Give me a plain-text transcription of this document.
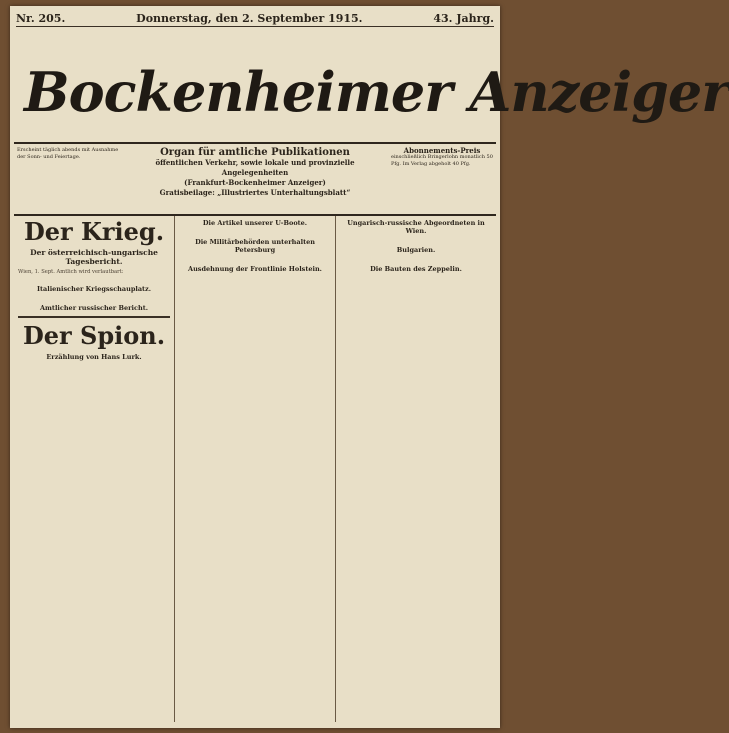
Nr. 205.	Donnerstag, den 2. September 1915.	43. Jahrg.
Bockenheimer Anzeiger
Erscheint täglich abends mit Ausnahme der Sonn- und Feiertage.	Organ für amtliche Publikationen
öffentlichen Verkehr, sowie lokale und provinzielle Angelegenheiten
(Frankfurt-Bockenheimer Anzeiger)
Gratisbeilage: „Illustriertes Unterhaltungsblatt“
Abonnements-Preis
einschließlich Bringerlohn monatlich 50 Pfg. Im Verlag abgeholt 40 Pfg.
Der Krieg.
Der österreichisch-ungarische Tagesbericht.
Wien, 1. Sept. Amtlich wird verlautbart:
Italienischer Kriegsschauplatz.
Amtlicher russischer Bericht.
Der Spion.
Erzählung von Hans Lurk.
Die Artikel unserer U-Boote.
Die Militärbehörden unterhalten Petersburg
Ausdehnung der Frontlinie Holstein.
Ungarisch-russische Abgeordneten in Wien.
Bulgarien.
Die Bauten des Zeppelin.
